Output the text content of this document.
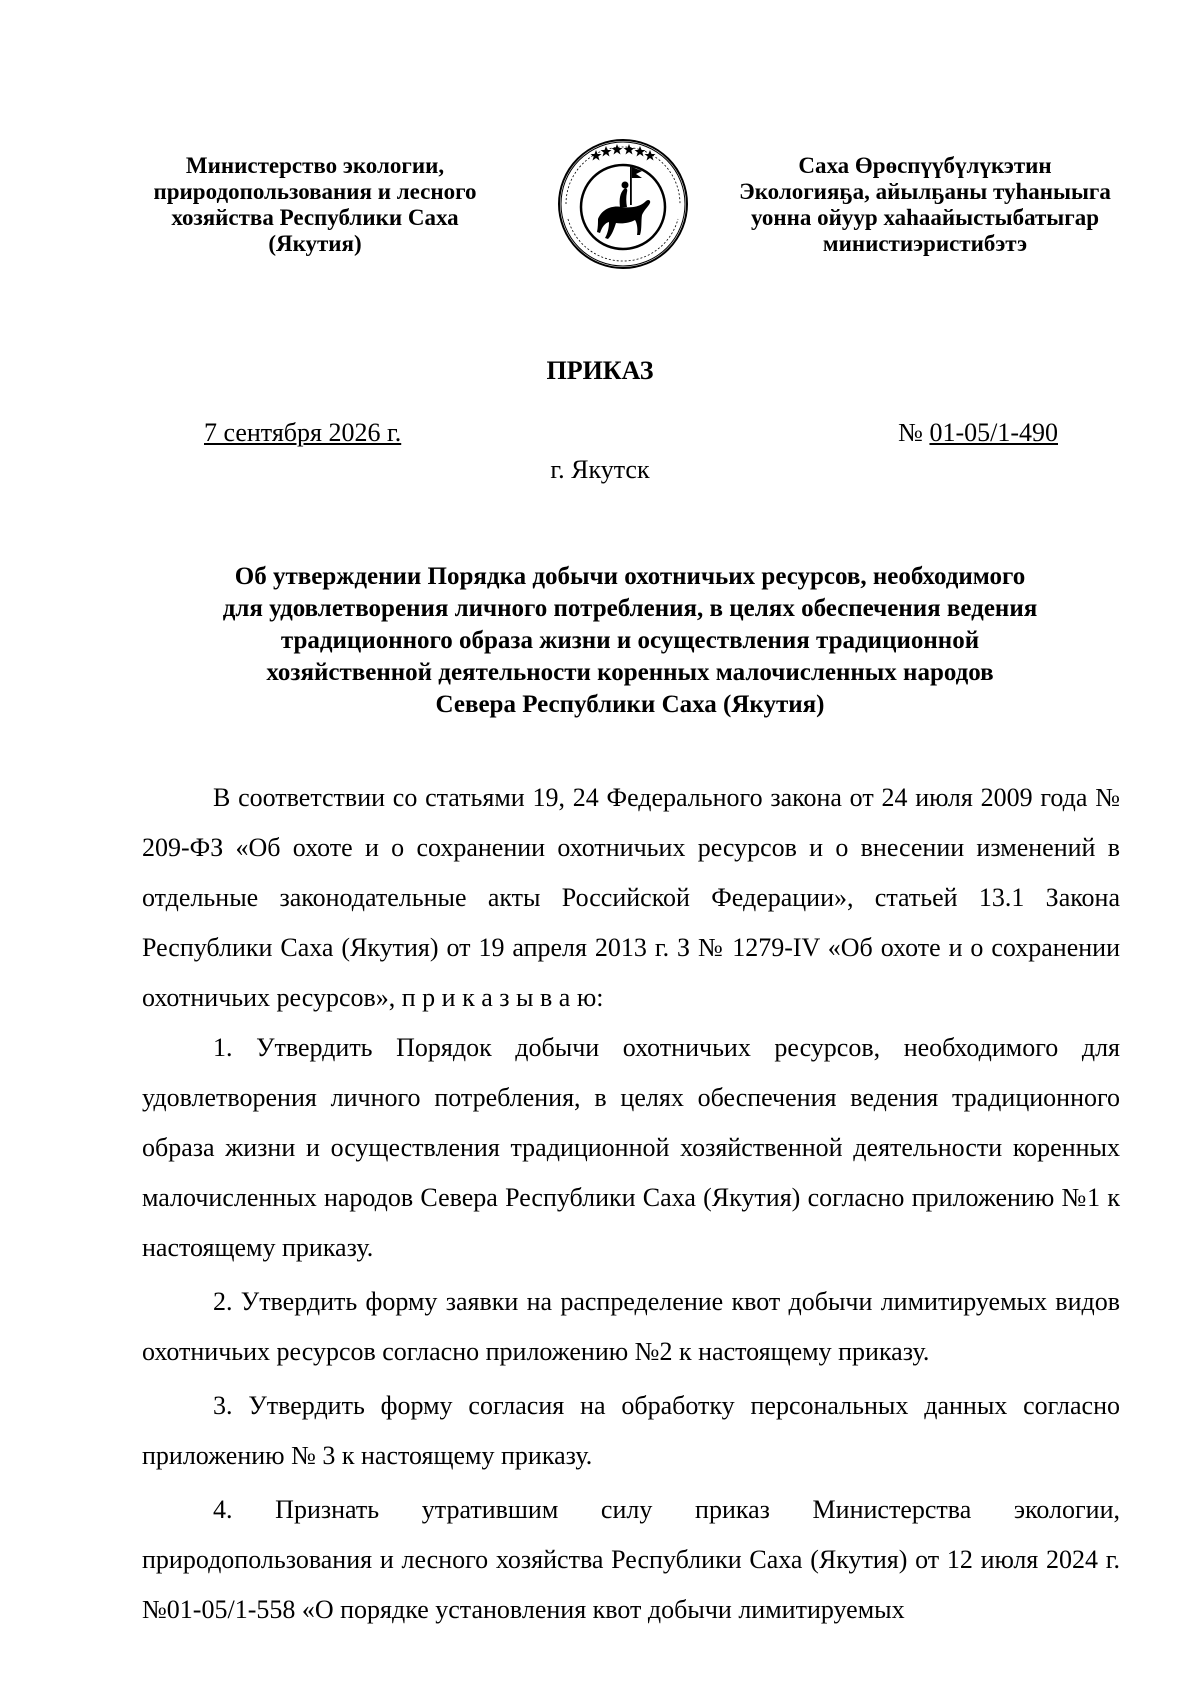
Министерство экологии,
природопользования и лесного
хозяйства Республики Саха
(Якутия)
Саха Өрөспүүбүлүкэтин
Экологияҕа, айылҕаны туһаныыга
уонна ойуур хаһаайыстыбатыгар
министиэристибэтэ
ПРИКАЗ
7 сентября 2026 г.	№ 01-05/1-490
г. Якутск
Об утверждении Порядка добычи охотничьих ресурсов, необходимого
для удовлетворения личного потребления, в целях обеспечения ведения
традиционного образа жизни и осуществления традиционной
хозяйственной деятельности коренных малочисленных народов
Севера Республики Саха (Якутия)

В соответствии со статьями 19, 24 Федерального закона от 24 июля 2009 года № 209-ФЗ «Об охоте и о сохранении охотничьих ресурсов и о внесении изменений в отдельные законодательные акты Российской Федерации», статьей 13.1 Закона Республики Саха (Якутия) от 19 апреля 2013 г. З № 1279-IV «Об охоте и о сохранении охотничьих ресурсов», п р и к а з ы в а ю:

1. Утвердить Порядок добычи охотничьих ресурсов, необходимого для удовлетворения личного потребления, в целях обеспечения ведения традиционного образа жизни и осуществления традиционной хозяйственной деятельности коренных малочисленных народов Севера Республики Саха (Якутия) согласно приложению №1 к настоящему приказу.

2. Утвердить форму заявки на распределение квот добычи лимитируемых видов охотничьих ресурсов согласно приложению №2 к настоящему приказу.

3. Утвердить форму согласия на обработку персональных данных согласно приложению № 3 к настоящему приказу.

4. Признать утратившим силу приказ Министерства экологии, природопользования и лесного хозяйства Республики Саха (Якутия) от 12 июля 2024 г. №01-05/1-558 «О порядке установления квот добычи лимитируемых
